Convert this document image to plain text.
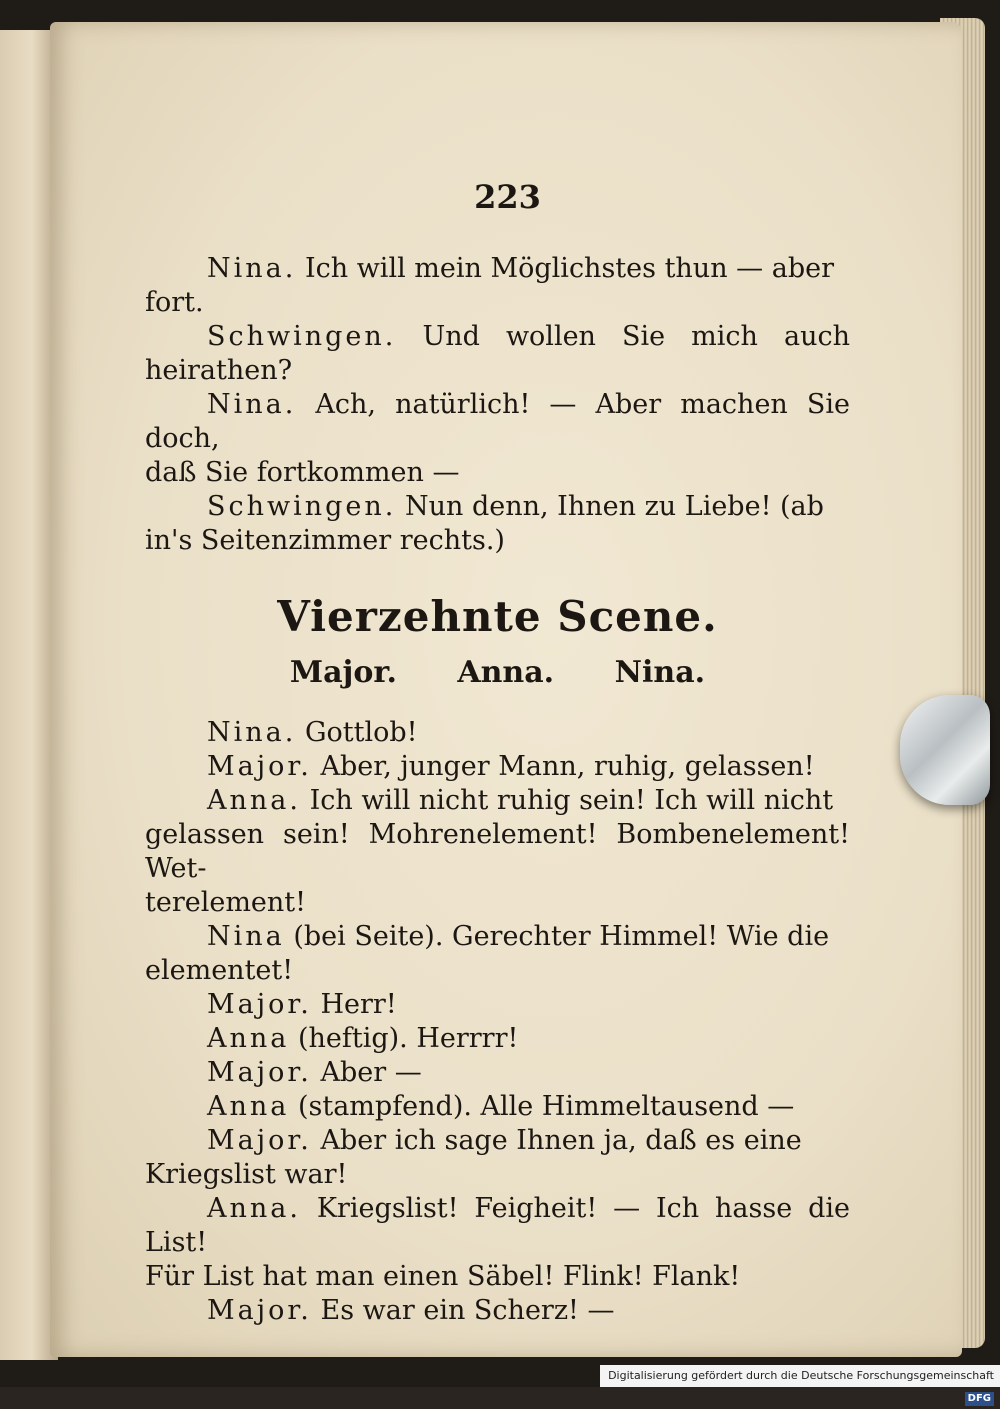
223

Nina. Ich will mein Möglichstes thun — aber

fort.

Schwingen. Und wollen Sie mich auch heirathen?

Nina. Ach, natürlich! — Aber machen Sie doch,

daß Sie fortkommen —

Schwingen. Nun denn, Ihnen zu Liebe! (ab

in's Seitenzimmer rechts.)

Vierzehnte Scene.
Major. Anna. Nina.

Nina. Gottlob!

Major. Aber, junger Mann, ruhig, gelassen!

Anna. Ich will nicht ruhig sein! Ich will nicht

gelassen sein! Mohrenelement! Bombenelement! Wet-

terelement!

Nina (bei Seite). Gerechter Himmel! Wie die

elementet!

Major. Herr!

Anna (heftig). Herrrr!

Major. Aber —

Anna (stampfend). Alle Himmeltausend —

Major. Aber ich sage Ihnen ja, daß es eine

Kriegslist war!

Anna. Kriegslist! Feigheit! — Ich hasse die List!

Für List hat man einen Säbel! Flink! Flank!

Major. Es war ein Scherz! —

Digitalisierung gefördert durch die Deutsche Forschungsgemeinschaft DFG
